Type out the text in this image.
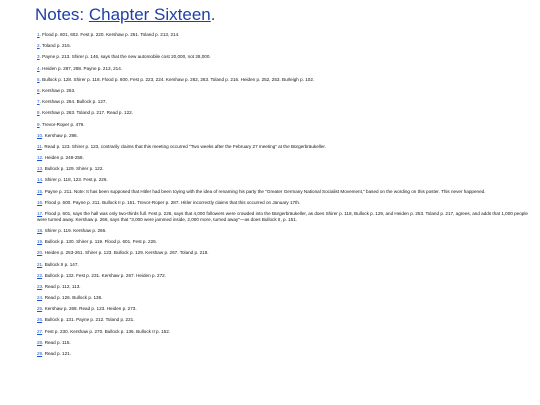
Notes: Chapter Sixteen.
1. Flood p. 601, 602. Fest p. 220. Kershaw p. 261. Toland p. 213, 214.
2. Toland p. 215.
3. Payne p. 213. Shirer p. 146, says that the new automobile cost 20,000, not 28,000.
4. Heiden p. 287, 288. Payne p. 213, 214.
5. Bullock p. 128. Shirer p. 118. Flood p. 600. Fest p. 223, 224. Kershaw p. 262, 263. Toland p. 216. Heiden p. 252, 253. Burleigh p. 102.
6. Kershaw p. 263.
7. Kershaw p. 264. Bullock p. 127.
8. Kershaw p. 263. Toland p. 217. Read p. 122.
9. Trevor-Roper p. 479.
10. Kershaw p. 298.
11. Read p. 123. Shirer p. 123, contrarily claims that this meeting occurred "Two weeks after the February 27 meeting" at the Bürgerbräukeller.
12. Heiden p. 248-259.
13. Bullock p. 129. Shirer p. 122.
14. Shirer p. 118, 123. Fest p. 226.
15. Payne p. 211. Note: It has been supposed that Hitler had been toying with the idea of renaming his party the "Greater Germany National Socialist Movement," based on the wording on this poster. This never happened.
16. Flood p. 600. Payne p. 211. Bullock II p. 151. Trevor-Roper p. 287. Hitler incorrectly claims that this occurred on January 17th.
17. Flood p. 601, says the hall was only two-thirds full. Fest p. 226, says that 4,000 followers were crowded into the Bürgerbräukeller, as does Shirer p. 118, Bullock p. 129, and Heiden p. 253. Toland p. 217, agrees, and adds that 1,000 people were turned away. Kershaw p. 266, says that "3,000 were jammed inside, 2,000 more, turned away"—as does Bullock II, p. 151.
18. Shirer p. 119. Kershaw p. 266.
19. Bullock p. 130. Shirer p. 119. Flood p. 601. Fest p. 226.
20. Heiden p. 253-261. Shirer p. 123. Bullock p. 129. Kershaw p. 267. Toland p. 218.
21. Bullock II p. 147.
22. Bullock p. 132. Fest p. 231. Kershaw p. 267. Heiden p. 272.
23. Read p. 112, 113.
24. Read p. 126. Bullock p. 136.
25. Kershaw p. 268. Read p. 123. Heiden p. 273.
26. Bullock p. 131. Payne p. 212. Toland p. 221.
27. Fest p. 230. Kershaw p. 270. Bullock p. 136. Bullock II p. 152.
28. Read p. 115.
29. Read p. 121.
